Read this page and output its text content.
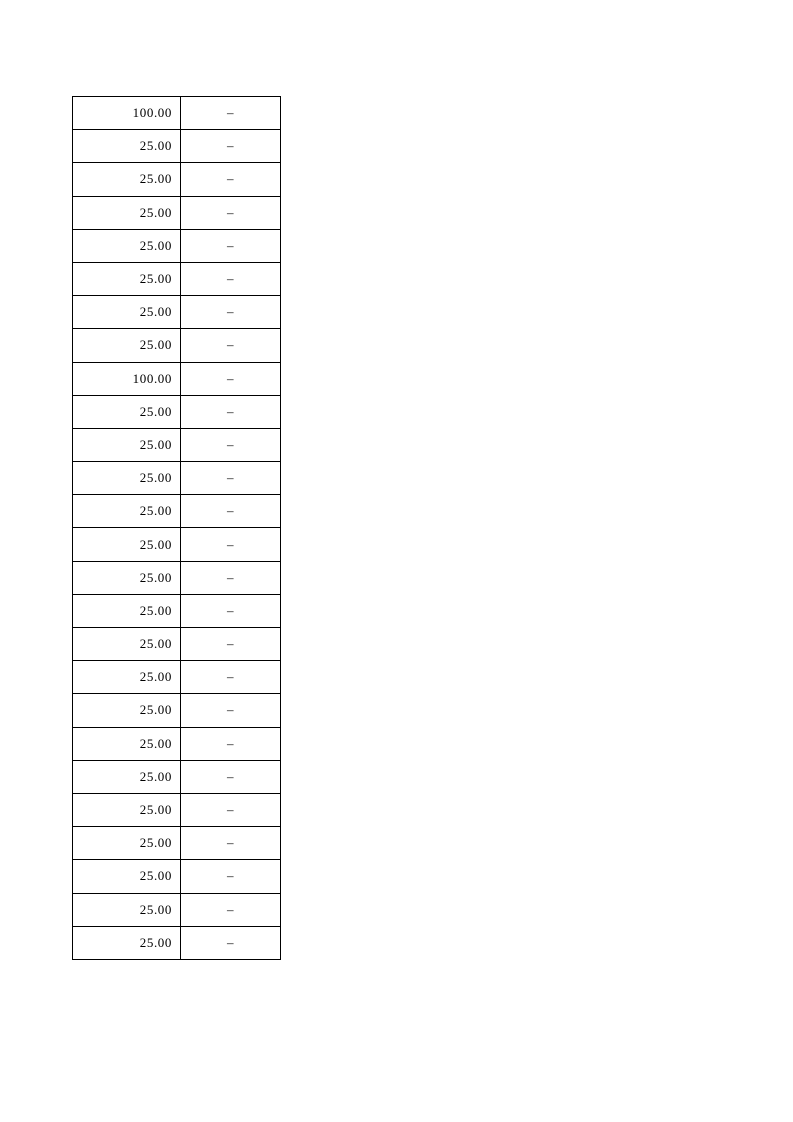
100.00	–
25.00	–
25.00	–
25.00	–
25.00	–
25.00	–
25.00	–
25.00	–
100.00	–
25.00	–
25.00	–
25.00	–
25.00	–
25.00	–
25.00	–
25.00	–
25.00	–
25.00	–
25.00	–
25.00	–
25.00	–
25.00	–
25.00	–
25.00	–
25.00	–
25.00	–
